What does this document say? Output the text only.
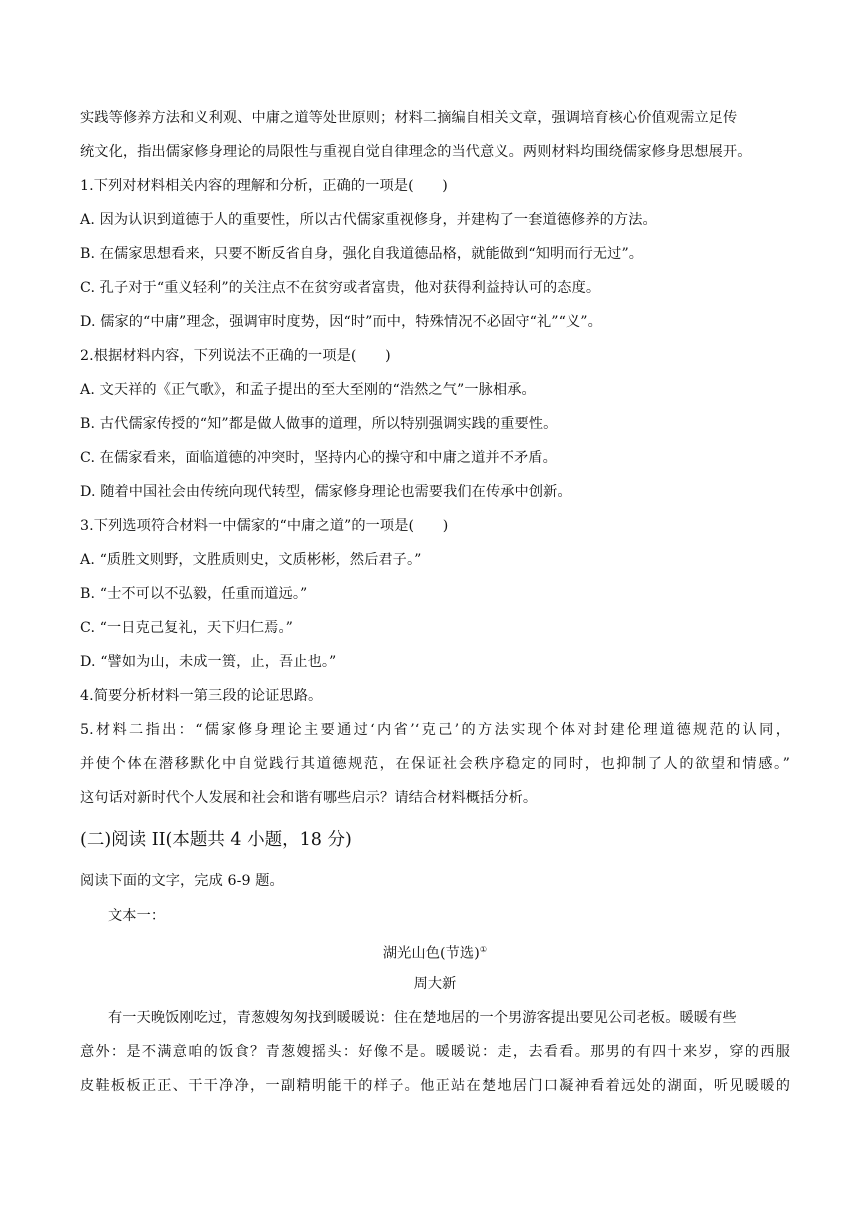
实践等修养方法和义利观、中庸之道等处世原则；材料二摘编自相关文章，强调培育核心价值观需立足传

统文化，指出儒家修身理论的局限性与重视自觉自律理念的当代意义。两则材料均围绕儒家修身思想展开。

1.下列对材料相关内容的理解和分析，正确的一项是(　　)

A. 因为认识到道德于人的重要性，所以古代儒家重视修身，并建构了一套道德修养的方法。

B. 在儒家思想看来，只要不断反省自身，强化自我道德品格，就能做到“知明而行无过”。

C. 孔子对于“重义轻利”的关注点不在贫穷或者富贵，他对获得利益持认可的态度。

D. 儒家的“中庸”理念，强调审时度势，因“时”而中，特殊情况不必固守“礼”“义”。

2.根据材料内容，下列说法不正确的一项是(　　)

A. 文天祥的《正气歌》，和孟子提出的至大至刚的“浩然之气”一脉相承。

B. 古代儒家传授的“知”都是做人做事的道理，所以特别强调实践的重要性。

C. 在儒家看来，面临道德的冲突时，坚持内心的操守和中庸之道并不矛盾。

D. 随着中国社会由传统向现代转型，儒家修身理论也需要我们在传承中创新。

3.下列选项符合材料一中儒家的“中庸之道”的一项是(　　)

A. “质胜文则野，文胜质则史，文质彬彬，然后君子。”

B. “士不可以不弘毅，任重而道远。”

C. “一日克己复礼，天下归仁焉。”

D. “譬如为山，未成一篑，止，吾止也。”

4.简要分析材料一第三段的论证思路。

5.材料二指出：“儒家修身理论主要通过‘内省’‘克己’的方法实现个体对封建伦理道德规范的认同，

并使个体在潜移默化中自觉践行其道德规范，在保证社会秩序稳定的同时，也抑制了人的欲望和情感。”

这句话对新时代个人发展和社会和谐有哪些启示？请结合材料概括分析。

(二)阅读 II(本题共 4 小题，18 分)

阅读下面的文字，完成 6-9 题。

文本一：

湖光山色(节选)①

周大新

有一天晚饭刚吃过，青葱嫂匆匆找到暖暖说：住在楚地居的一个男游客提出要见公司老板。暖暖有些

意外：是不满意咱的饭食？青葱嫂摇头：好像不是。暖暖说：走，去看看。那男的有四十来岁，穿的西服

皮鞋板板正正、干干净净，一副精明能干的样子。他正站在楚地居门口凝神看着远处的湖面，听见暖暖的
